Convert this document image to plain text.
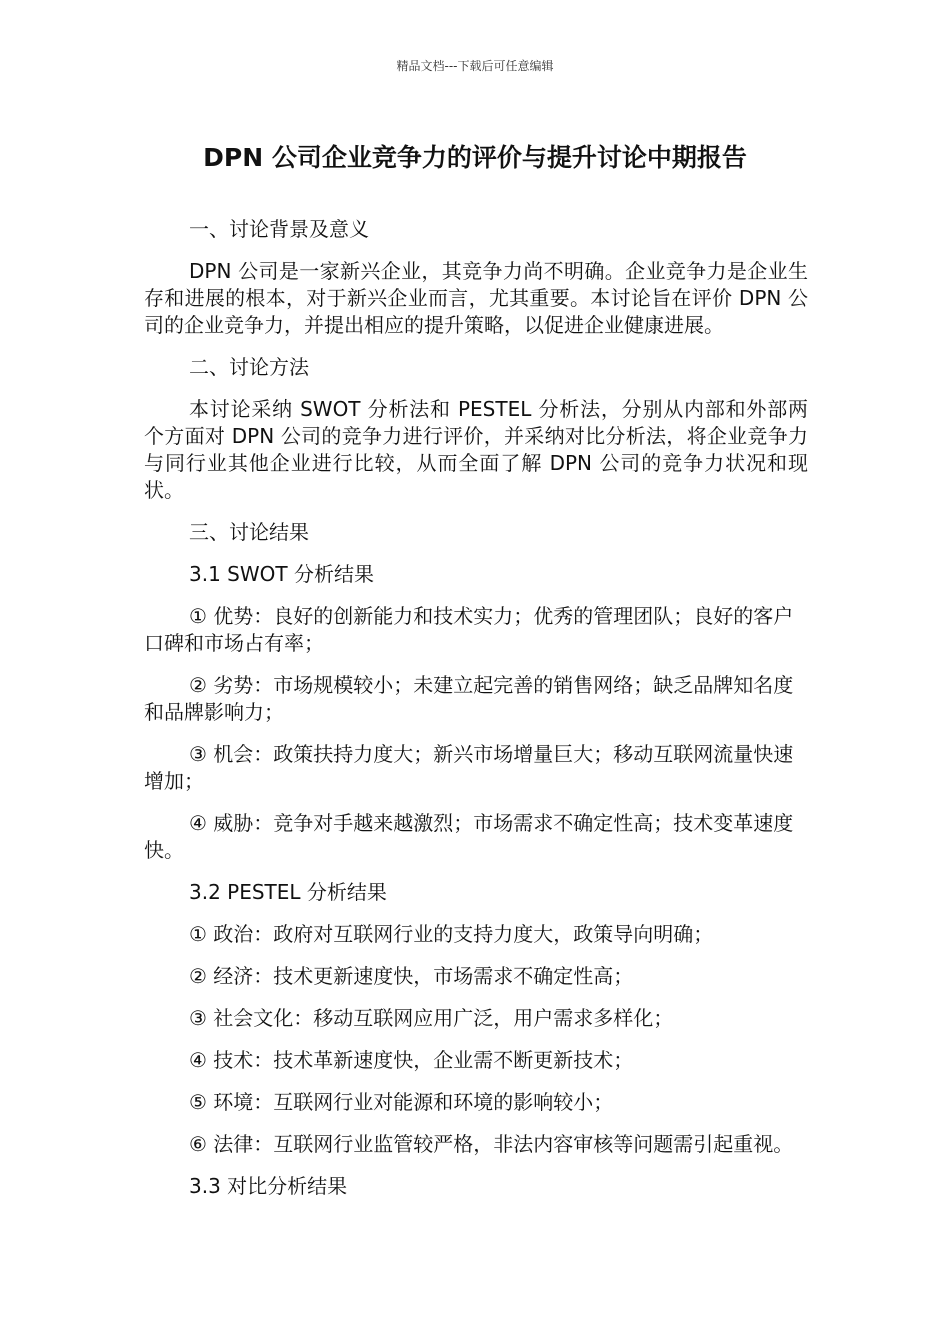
精品文档---下载后可任意编辑
DPN 公司企业竞争力的评价与提升讨论中期报告

一、讨论背景及意义

DPN 公司是一家新兴企业，其竞争力尚不明确。企业竞争力是企业生存和进展的根本，对于新兴企业而言，尤其重要。本讨论旨在评价 DPN 公司的企业竞争力，并提出相应的提升策略，以促进企业健康进展。

二、讨论方法

本讨论采纳 SWOT 分析法和 PESTEL 分析法，分别从内部和外部两个方面对 DPN 公司的竞争力进行评价，并采纳对比分析法，将企业竞争力与同行业其他企业进行比较，从而全面了解 DPN 公司的竞争力状况和现状。

三、讨论结果

3.1 SWOT 分析结果

① 优势：良好的创新能力和技术实力；优秀的管理团队；良好的客户口碑和市场占有率；

② 劣势：市场规模较小；未建立起完善的销售网络；缺乏品牌知名度和品牌影响力；

③ 机会：政策扶持力度大；新兴市场增量巨大；移动互联网流量快速增加；

④ 威胁：竞争对手越来越激烈；市场需求不确定性高；技术变革速度快。

3.2 PESTEL 分析结果

① 政治：政府对互联网行业的支持力度大，政策导向明确；

② 经济：技术更新速度快，市场需求不确定性高；

③ 社会文化：移动互联网应用广泛，用户需求多样化；

④ 技术：技术革新速度快，企业需不断更新技术；

⑤ 环境：互联网行业对能源和环境的影响较小；

⑥ 法律：互联网行业监管较严格，非法内容审核等问题需引起重视。

3.3 对比分析结果
